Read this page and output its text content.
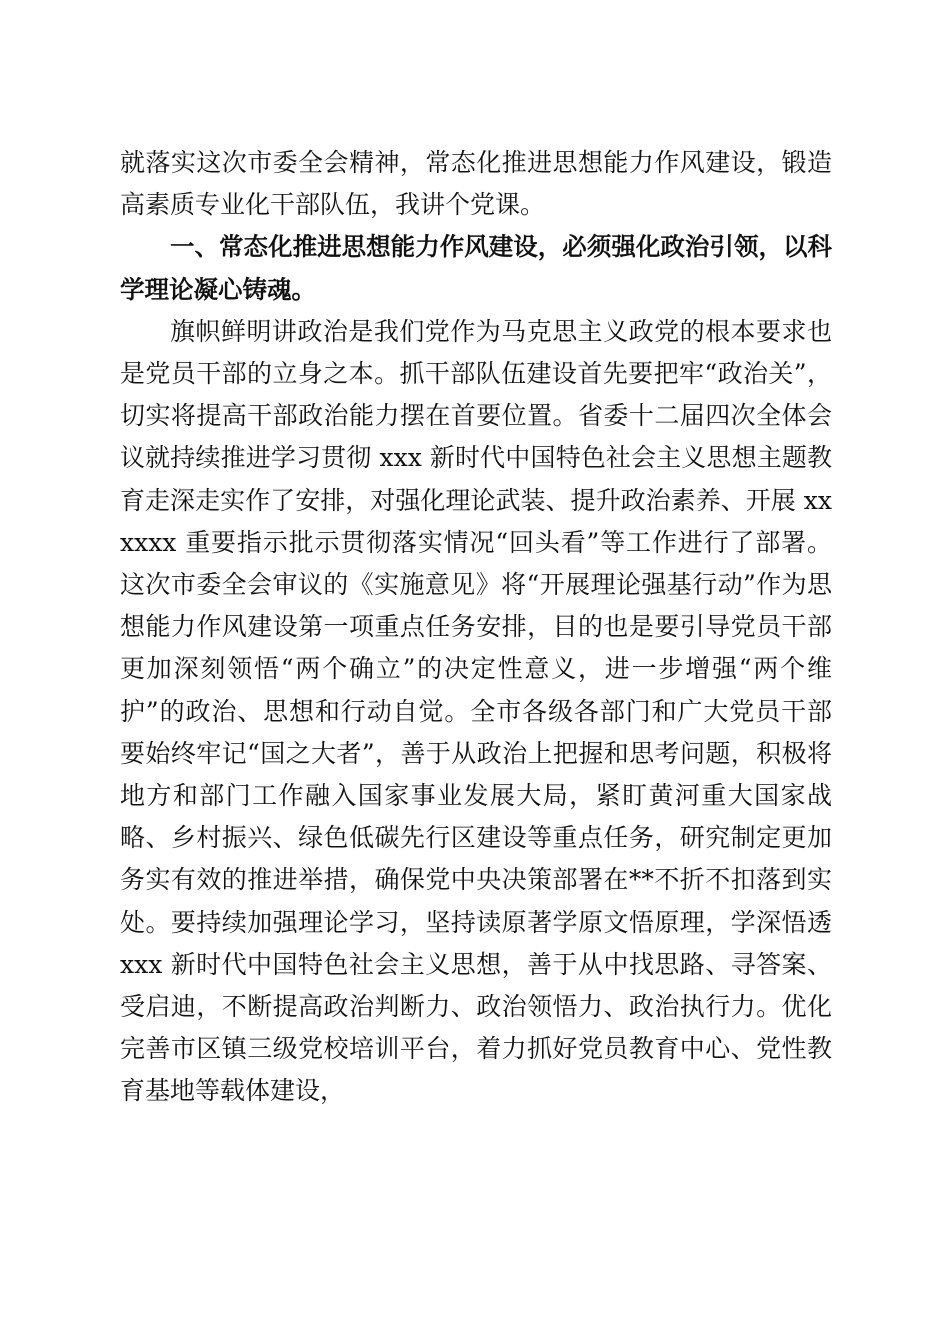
就落实这次市委全会精神，常态化推进思想能力作风建设，锻造高素质专业化干部队伍，我讲个党课。

一、常态化推进思想能力作风建设，必须强化政治引领，以科学理论凝心铸魂。

旗帜鲜明讲政治是我们党作为马克思主义政党的根本要求也是党员干部的立身之本。抓干部队伍建设首先要把牢“政治关”，切实将提高干部政治能力摆在首要位置。省委十二届四次全体会议就持续推进学习贯彻 xxx 新时代中国特色社会主义思想主题教育走深走实作了安排，对强化理论武装、提升政治素养、开展 xxxxxx 重要指示批示贯彻落实情况“回头看”等工作进行了部署。这次市委全会审议的《实施意见》将“开展理论强基行动”作为思想能力作风建设第一项重点任务安排，目的也是要引导党员干部更加深刻领悟“两个确立”的决定性意义，进一步增强“两个维护”的政治、思想和行动自觉。全市各级各部门和广大党员干部要始终牢记“国之大者”，善于从政治上把握和思考问题，积极将地方和部门工作融入国家事业发展大局，紧盯黄河重大国家战略、乡村振兴、绿色低碳先行区建设等重点任务，研究制定更加务实有效的推进举措，确保党中央决策部署在**不折不扣落到实处。要持续加强理论学习，坚持读原著学原文悟原理，学深悟透 xxx 新时代中国特色社会主义思想，善于从中找思路、寻答案、受启迪，不断提高政治判断力、政治领悟力、政治执行力。优化完善市区镇三级党校培训平台，着力抓好党员教育中心、党性教育基地等载体建设，
